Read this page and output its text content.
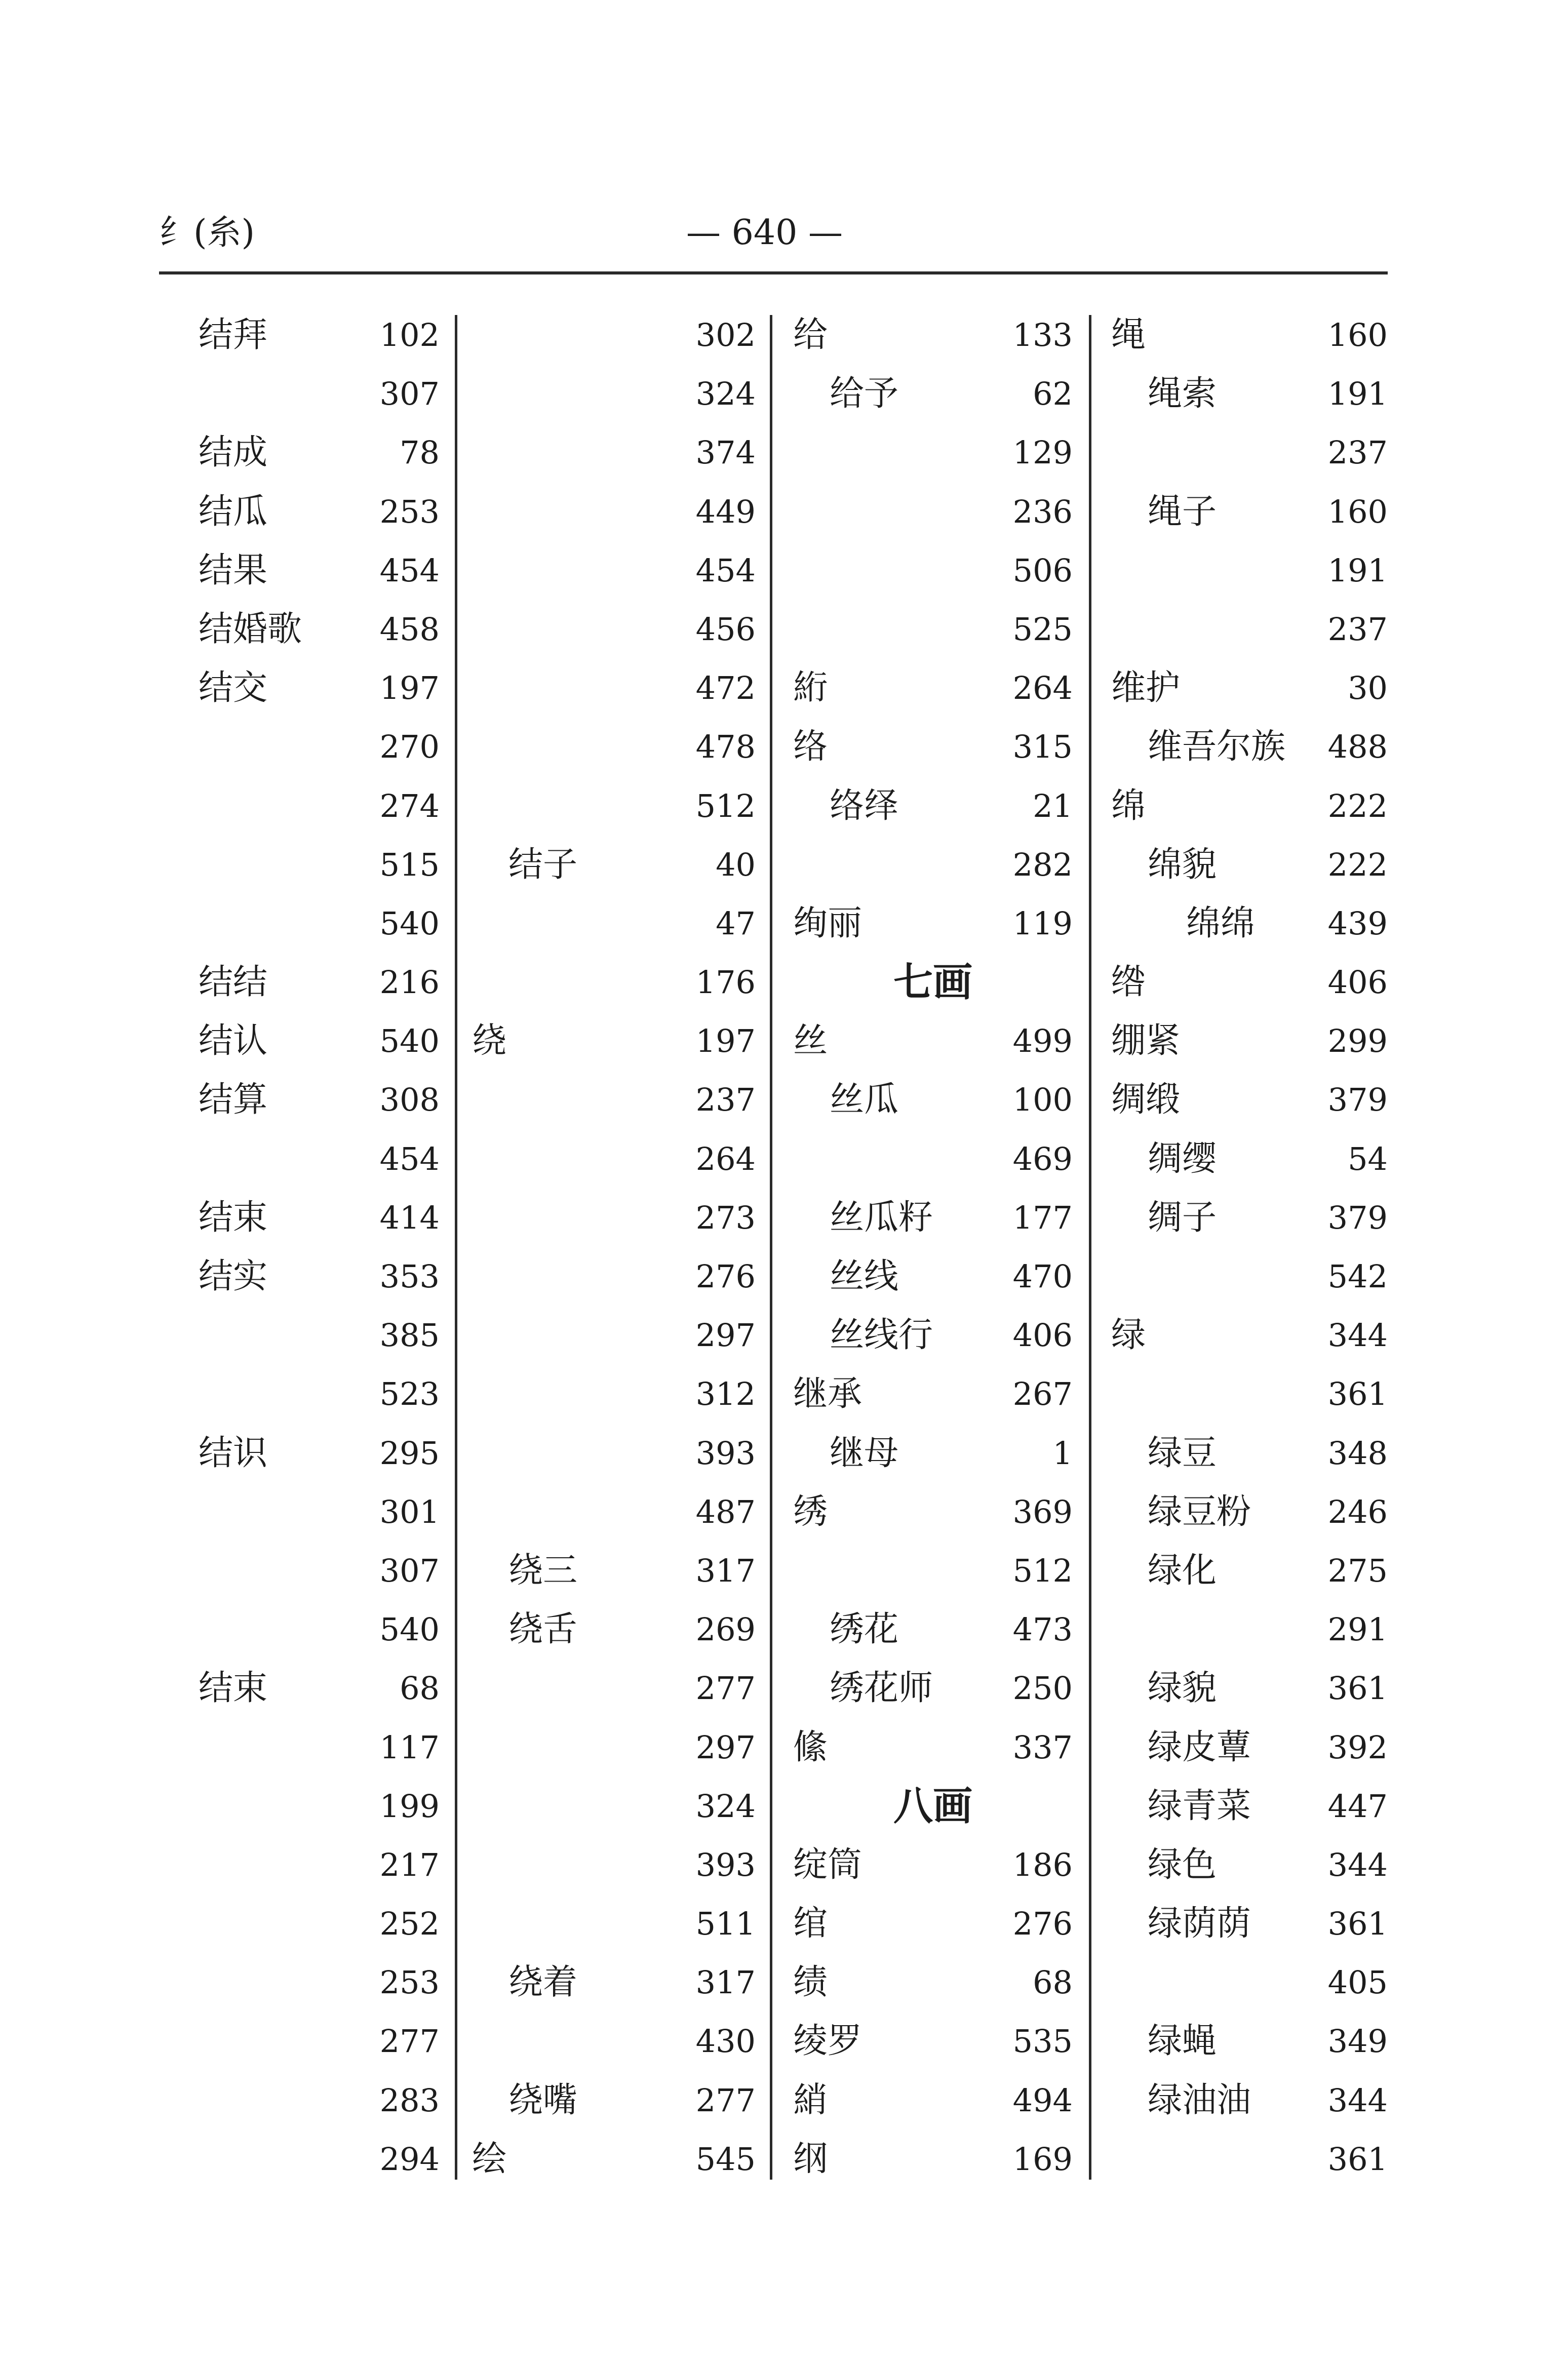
纟(糸)	— 640 —
结拜	102
307
结成	78
结瓜	253
结果	454
结婚歌 458
结交	197
270
274
515
540
结结	216
结认	540
结算	308
454
结束	414
结实	353
385
523
结识	295
301
307
540
结束	68
117
199
217
252
253
277
283
294
302
324
374
449
454
456
472
478
512
结子	40
47
176
绕	197
237
264
273
276
297
312
393
487
绕三	317
绕舌	269
277
297
324
393
511
绕着	317
430
绕嘴	277
绘	545
给	133
给予	62
129
236
506
525
絎	264
络	315
络绎	21
282
绚丽	119
七画
丝	499
丝瓜	100
469
丝瓜籽	177
丝线	470
丝线行	406
继承	267
继母	1
绣	369
512
绣花	473
绣花师	250
絛	337
八画
绽筒	186
绾	276
绩	68
绫罗	535
綃	494
纲	169
绳	160
绳索	191
237
绳子	160
191
237
维护	30
维吾尔族 488
绵	222
绵貌	222
绵绵 439
绺	406
绷紧	299
绸缎	379
绸缨	54
绸子	379
542
绿	344
361
绿豆	348
绿豆粉 246
绿化	275
291
绿貌	361
绿皮蕈 392
绿青菜 447
绿色	344
绿荫荫 361
405
绿蝇	349
绿油油 344
361
